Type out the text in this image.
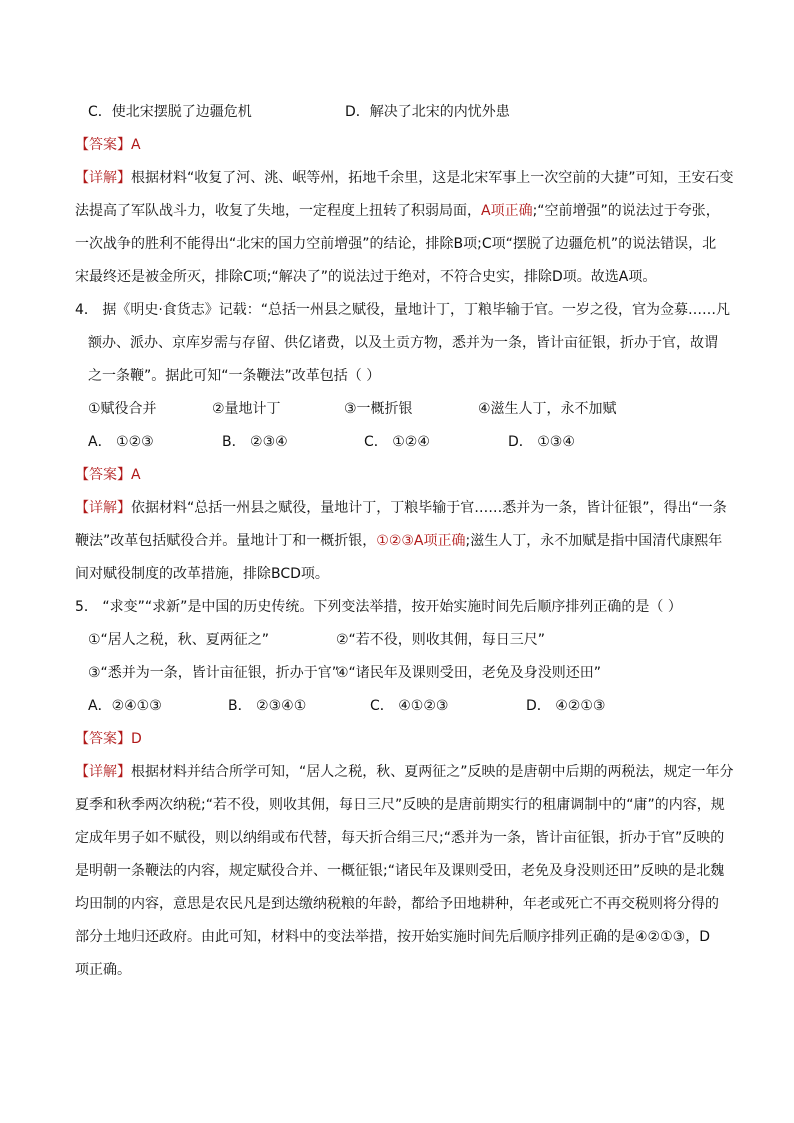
C．使北宋摆脱了边疆危机	D．解决了北宋的内忧外患
【答案】A
【详解】根据材料“收复了河、洮、岷等州，拓地千余里，这是北宋军事上一次空前的大捷”可知，王安石变
法提高了军队战斗力，收复了失地，一定程度上扭转了积弱局面，A项正确;“空前增强”的说法过于夸张，
一次战争的胜利不能得出“北宋的国力空前增强”的结论，排除B项;C项“摆脱了边疆危机”的说法错误，北
宋最终还是被金所灭，排除C项;“解决了”的说法过于绝对，不符合史实，排除D项。故选A项。
4． 据《明史·食货志》记载：“总括一州县之赋役，量地计丁，丁粮毕输于官。一岁之役，官为佥募……凡
额办、派办、京库岁需与存留、供亿诸费，以及土贡方物，悉并为一条，皆计亩征银，折办于官，故谓
之一条鞭”。据此可知“一条鞭法”改革包括（ ）
①赋役合并	②量地计丁	③一概折银	④滋生人丁，永不加赋
A． ①②③	B． ②③④	C． ①②④	D． ①③④
【答案】A
【详解】依据材料“总括一州县之赋役，量地计丁，丁粮毕输于官……悉并为一条，皆计征银”，得出“一条
鞭法”改革包括赋役合并。量地计丁和一概折银，①②③A项正确;滋生人丁，永不加赋是指中国清代康熙年
间对赋役制度的改革措施，排除BCD项。
5． “求变”“求新”是中国的历史传统。下列变法举措，按开始实施时间先后顺序排列正确的是（ ）
①“居人之税，秋、夏两征之”	②“若不役，则收其佣，每日三尺”
③“悉并为一条，皆计亩征银，折办于官”
④“诸民年及课则受田，老免及身没则还田”
A．②④①③	B． ②③④①	C． ④①②③	D． ④②①③
【答案】D
【详解】根据材料并结合所学可知，“居人之税，秋、夏两征之”反映的是唐朝中后期的两税法，规定一年分
夏季和秋季两次纳税;“若不役，则收其佣，每日三尺”反映的是唐前期实行的租庸调制中的“庸”的内容，规
定成年男子如不赋役，则以纳绢或布代替，每天折合绢三尺;“悉并为一条，皆计亩征银，折办于官”反映的
是明朝一条鞭法的内容，规定赋役合并、一概征银;“诸民年及课则受田，老免及身没则还田”反映的是北魏
均田制的内容，意思是农民凡是到达缴纳税粮的年龄，都给予田地耕种，年老或死亡不再交税则将分得的
部分土地归还政府。由此可知，材料中的变法举措，按开始实施时间先后顺序排列正确的是④②①③，D
项正确。
